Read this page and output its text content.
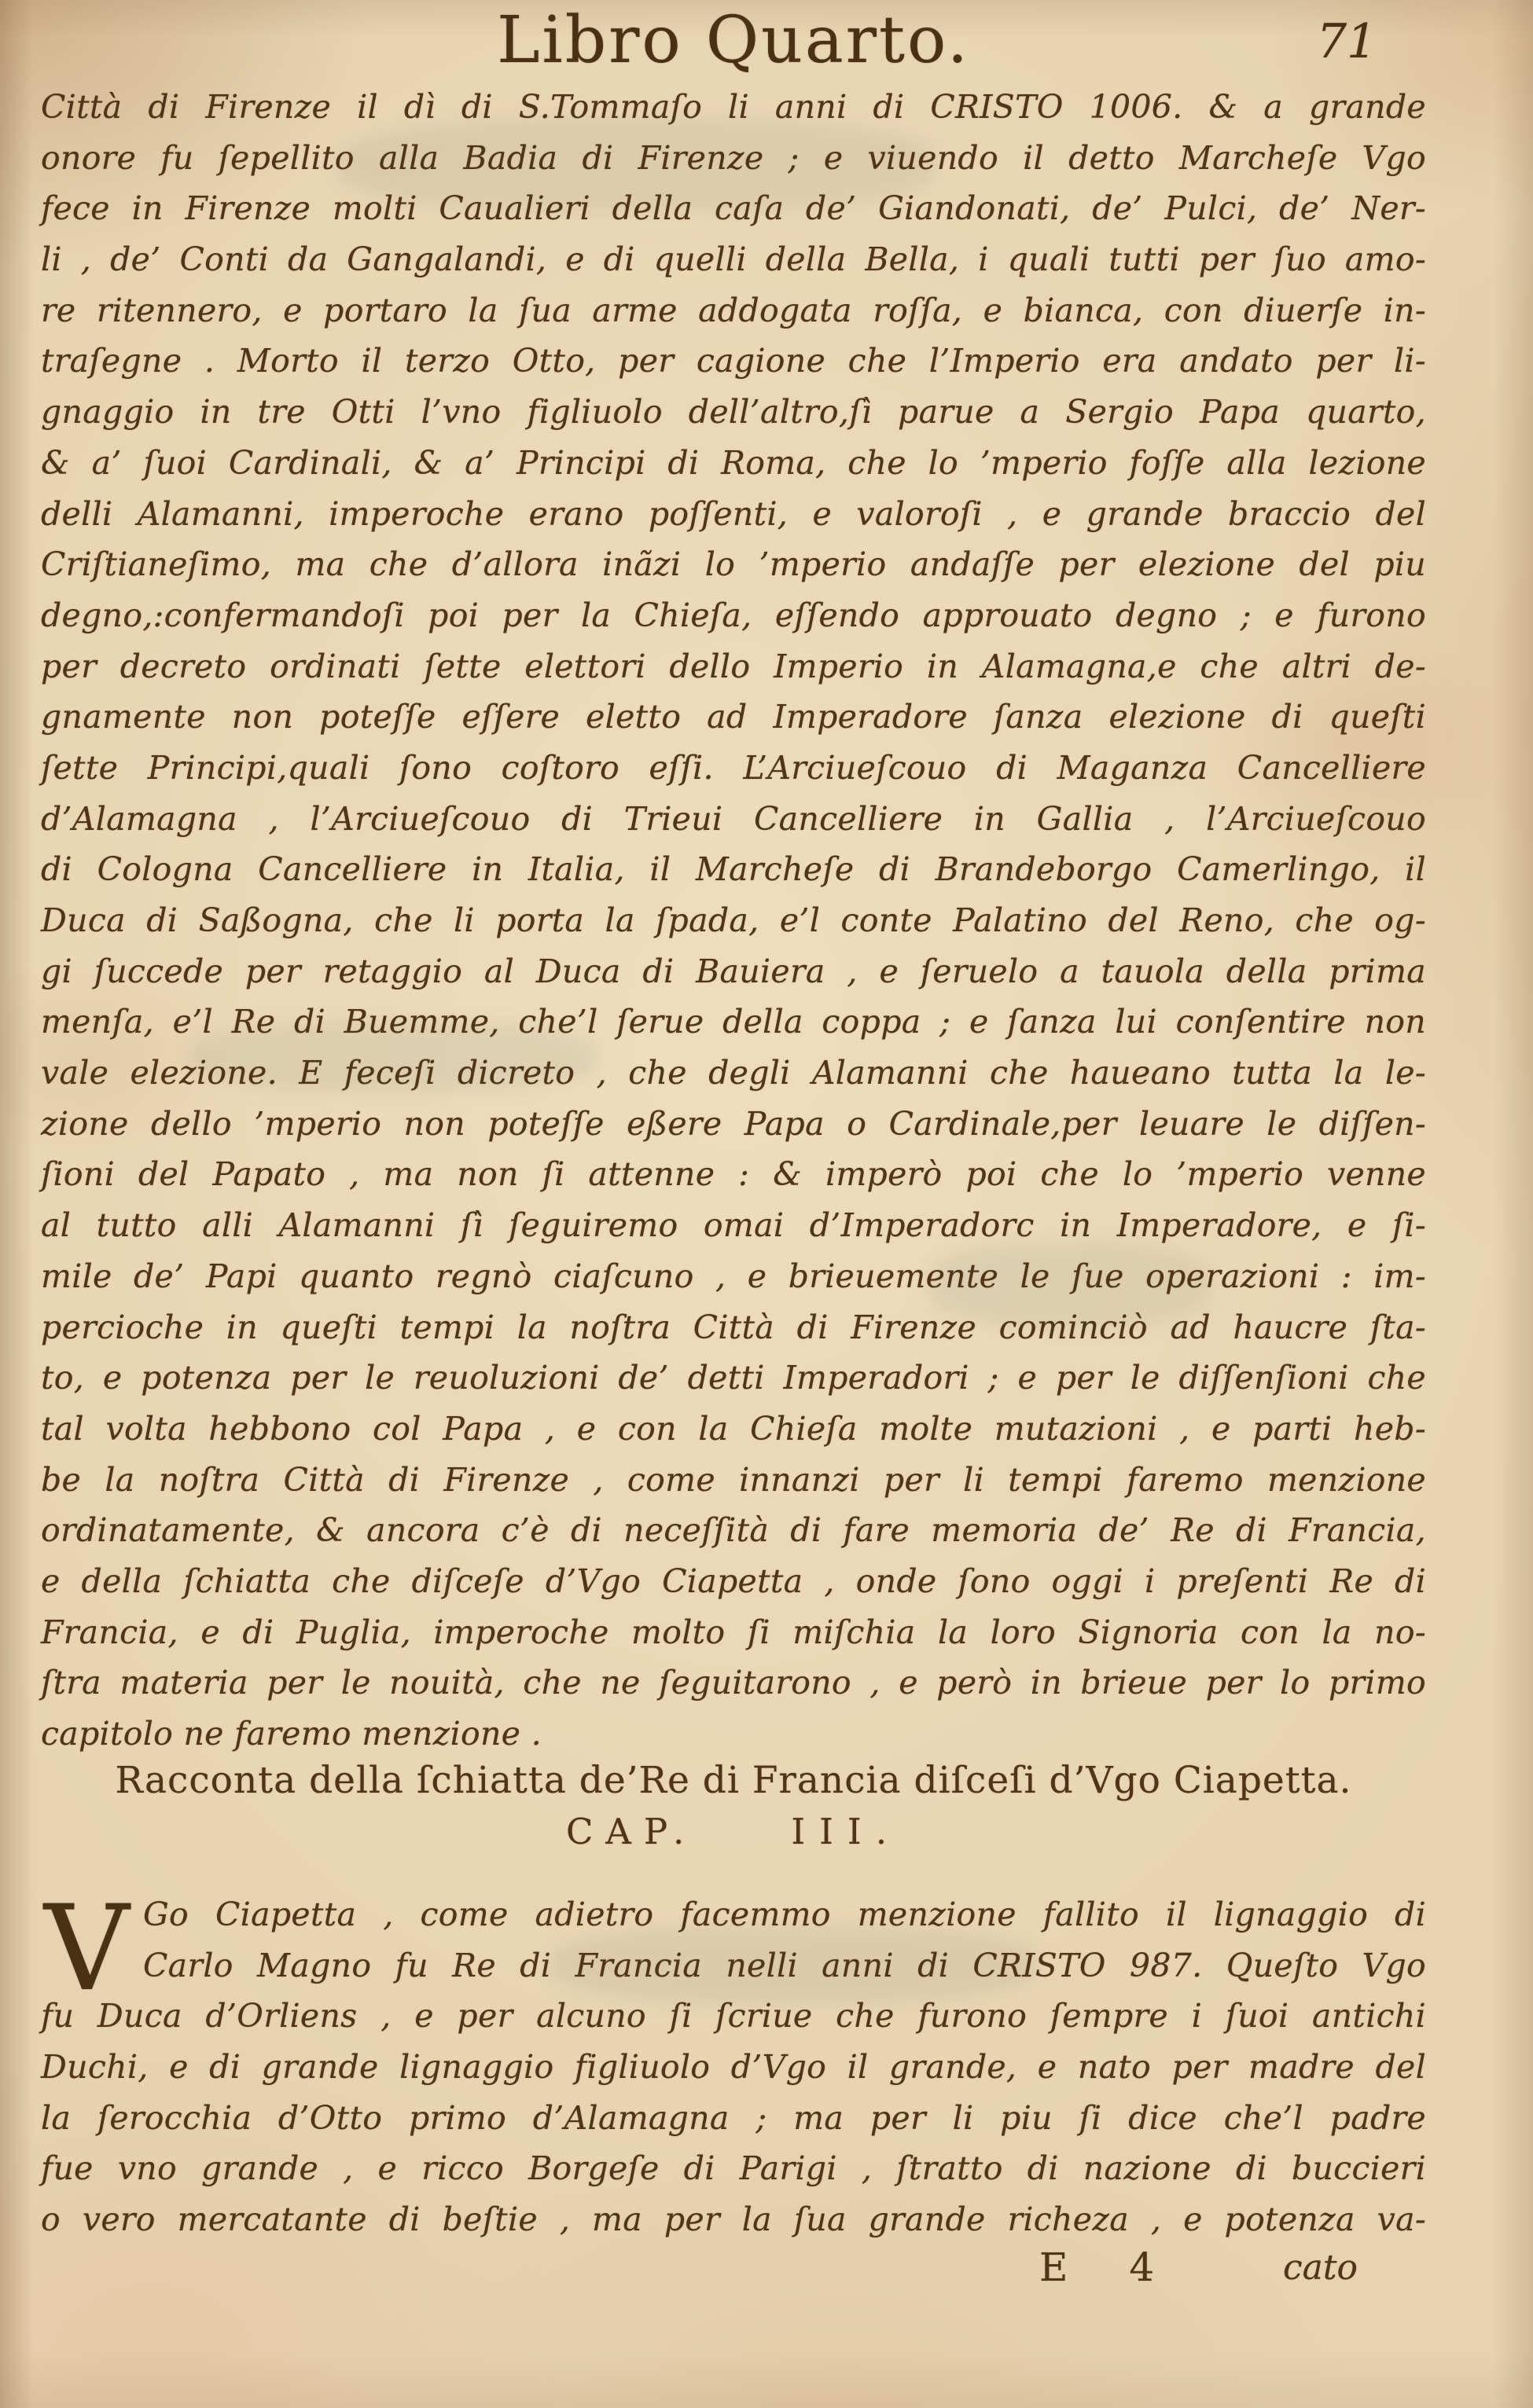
Libro Quarto.	71
Città di Firenze il dì di S.Tommaſo li anni di CRISTO 1006. & a grande
onore fu ſepellito alla Badia di Firenze ; e viuendo il detto Marcheſe Vgo
fece in Firenze molti Caualieri della caſa de’ Giandonati, de’ Pulci, de’ Ner-
li , de’ Conti da Gangalandi, e di quelli della Bella, i quali tutti per ſuo amo-
re ritennero, e portaro la ſua arme addogata roſſa, e bianca, con diuerſe in-
traſegne . Morto il terzo Otto, per cagione che l’Imperio era andato per li-
gnaggio in tre Otti l’vno figliuolo dell’altro,ſì parue a Sergio Papa quarto,
& a’ ſuoi Cardinali, & a’ Principi di Roma, che lo ’mperio foſſe alla lezione
delli Alamanni, imperoche erano poſſenti, e valoroſi , e grande braccio del
Criſtianeſimo, ma che d’allora inãzi lo ’mperio andaſſe per elezione del piu
degno,:confermandoſi poi per la Chieſa, eſſendo approuato degno ; e furono
per decreto ordinati ſette elettori dello Imperio in Alamagna,e che altri de-
gnamente non poteſſe eſſere eletto ad Imperadore ſanza elezione di queſti
ſette Principi,quali ſono coſtoro eſſi. L’Arciueſcouo di Maganza Cancelliere
d’Alamagna , l’Arciueſcouo di Trieui Cancelliere in Gallia , l’Arciueſcouo
di Cologna Cancelliere in Italia, il Marcheſe di Brandeborgo Camerlingo, il
Duca di Saßogna, che li porta la ſpada, e’l conte Palatino del Reno, che og-
gi ſuccede per retaggio al Duca di Bauiera , e ſeruelo a tauola della prima
menſa, e’l Re di Buemme, che’l ſerue della coppa ; e ſanza lui conſentire non
vale elezione. E feceſi dicreto , che degli Alamanni che haueano tutta la le-
zione dello ’mperio non poteſſe eßere Papa o Cardinale,per leuare le diſſen-
ſioni del Papato , ma non ſi attenne : & imperò poi che lo ’mperio venne
al tutto alli Alamanni ſì ſeguiremo omai d’Imperadorc in Imperadore, e ſi-
mile de’ Papi quanto regnò ciaſcuno , e brieuemente le ſue operazioni : im-
percioche in queſti tempi la noſtra Città di Firenze cominciò ad haucre ſta-
to, e potenza per le reuoluzioni de’ detti Imperadori ; e per le diſſenſioni che
tal volta hebbono col Papa , e con la Chieſa molte mutazioni , e parti heb-
be la noſtra Città di Firenze , come innanzi per li tempi faremo menzione
ordinatamente, & ancora c’è di neceſſità di fare memoria de’ Re di Francia,
e della ſchiatta che diſceſe d’Vgo Ciapetta , onde ſono oggi i preſenti Re di
Francia, e di Puglia, imperoche molto ſi miſchia la loro Signoria con la no-
ſtra materia per le nouità, che ne ſeguitarono , e però in brieue per lo primo
capitolo ne faremo menzione .
Racconta della ſchiatta de’Re di Francia diſceſi d’Vgo Ciapetta.
CAP.	III.
V Go Ciapetta , come adietro facemmo menzione fallito il lignaggio di
Carlo Magno fu Re di Francia nelli anni di CRISTO 987. Queſto Vgo
fu Duca d’Orliens , e per alcuno ſi ſcriue che furono ſempre i ſuoi antichi
Duchi, e di grande lignaggio figliuolo d’Vgo il grande, e nato per madre del
la ſerocchia d’Otto primo d’Alamagna ; ma per li piu ſi dice che’l padre
fue vno grande , e ricco Borgeſe di Parigi , ſtratto di nazione di buccieri
o vero mercatante di beſtie , ma per la ſua grande richeza , e potenza va-
E 4	cato
